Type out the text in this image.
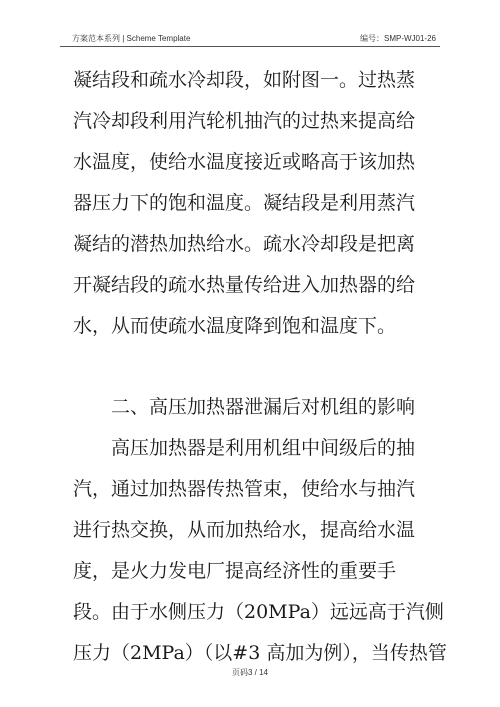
方案范本系列 | Scheme Template	编号：SMP-WJ01-26
凝结段和疏水冷却段，如附图一。过热蒸
汽冷却段利用汽轮机抽汽的过热来提高给
水温度，使给水温度接近或略高于该加热
器压力下的饱和温度。凝结段是利用蒸汽
凝结的潜热加热给水。疏水冷却段是把离
开凝结段的疏水热量传给进入加热器的给
水，从而使疏水温度降到饱和温度下。
二、高压加热器泄漏后对机组的影响
高压加热器是利用机组中间级后的抽
汽，通过加热器传热管束，使给水与抽汽
进行热交换，从而加热给水，提高给水温
度，是火力发电厂提高经济性的重要手
段。由于水侧压力（20MPa）远远高于汽侧
压力（2MPa）（以#3 高加为例），当传热管
页码3 / 14
